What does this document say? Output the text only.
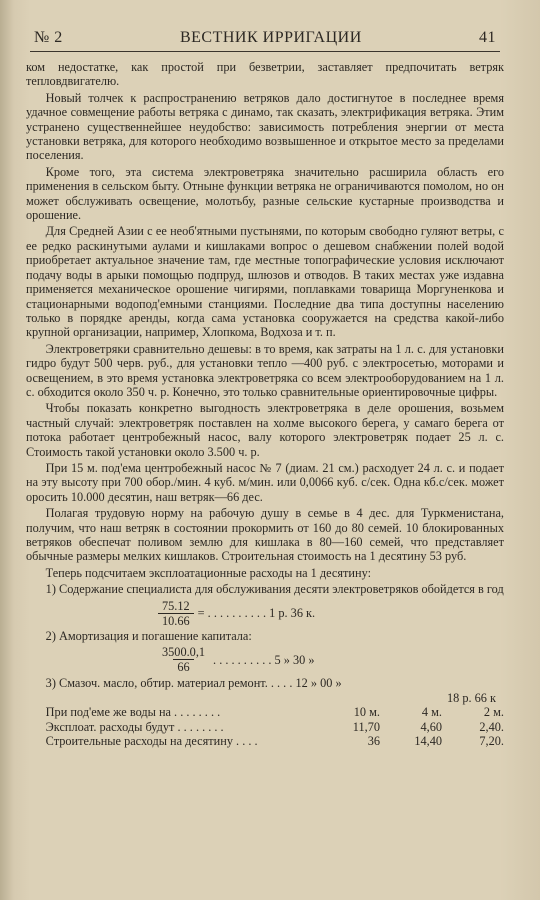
№ 2	ВЕСТНИК ИРРИГАЦИИ	41

ком недостатке, как простой при безветрии, заставляет предпочитать ветряк тепловдвигателю.

Новый толчек к распространению ветряков дало достигнутое в последнее время удачное совмещение работы ветряка с динамо, так сказать, электрификация ветряка. Этим устранено существеннейшее неудобство: зависимость потребления энергии от места установки ветряка, для которого необходимо возвышенное и открытое место за пределами поселения.

Кроме того, эта система электроветряка значительно расширила область его применения в сельском быту. Отныне функции ветряка не ограничиваются помолом, но он может обслуживать освещение, молотьбу, разные сельские кустарные производства и орошение.

Для Средней Азии с ее необ'ятными пустынями, по которым свободно гуляют ветры, с ее редко раскинутыми аулами и кишлаками вопрос о дешевом снабжении полей водой приобретает актуальное значение там, где местные топографические условия исключают подачу воды в арыки помощью подпруд, шлюзов и отводов. В таких местах уже издавна применяется механическое орошение чигирями, поплавками товарища Моргуненкова и стационарными водопод'емными станциями. Последние два типа доступны населению только в порядке аренды, когда сама установка сооружается на средства какой-либо крупной организации, например, Хлопкома, Водхоза и т. п.

Электроветряки сравнительно дешевы: в то время, как затраты на 1 л. с. для установки гидро будут 500 черв. руб., для установки тепло —400 руб. с электросетью, моторами и освещением, в это время установка электроветряка со всем электрооборудованием на 1 л. с. обходится около 350 ч. р. Конечно, это только сравнительные ориентировочные цифры.

Чтобы показать конкретно выгодность электроветряка в деле орошения, возьмем частный случай: электроветряк поставлен на холме высокого берега, у самаго берега от потока работает центробежный насос, валу которого электроветряк подает 25 л. с. Стоимость такой установки около 3.500 ч. р.

При 15 м. под'ема центробежный насос № 7 (диам. 21 см.) расходует 24 л. с. и подает на эту высоту при 700 обор./мин. 4 куб. м/мин. или 0,0066 куб. с/сек. Одна кб.с/сек. может оросить 10.000 десятин, наш ветряк—66 дес.

Полагая трудовую норму на рабочую душу в семье в 4 дес. для Туркменистана, получим, что наш ветряк в состоянии прокормить от 160 до 80 семей. 10 блокированных ветряков обеспечат поливом землю для кишлака в 80—160 семей, что представляет обычные размеры мелких кишлаков. Строительная стоимость на 1 десятину 53 руб.

Теперь подсчитаем эксплоатационные расходы на 1 десятину:

1) Содержание специалиста для обслуживания десяти электроветряков обойдется в год

$\frac{75.12}{10.66}$ = . . . . . . . . . . 1 р. 36 к.
2) Амортизация и погашение капитала:
$\frac{3500.0,1}{66}$ . . . . . . . . . . 5 » 30 »
3) Смазоч. масло, обтир. материал ремонт. . . . . 12 » 00 »
18 р. 66 к
При под'еме же воды на . . . . . . . .	10 м.	4 м.	2 м.
Эксплоат. расходы будут . . . . . . . .	11,70	4,60	2,40.
Строительные расходы на десятину . . . .	36	14,40	7,20.
